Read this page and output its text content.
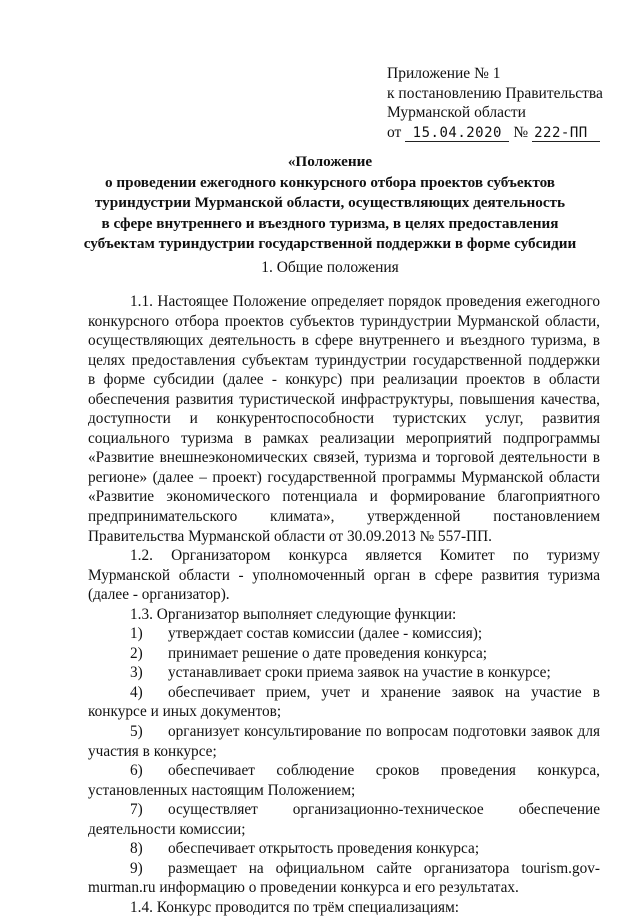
Приложение № 1
к постановлению Правительства
Мурманской области
от 15.04.2020 № 222-ПП
«Положение
о проведении ежегодного конкурсного отбора проектов субъектов
туриндустрии Мурманской области, осуществляющих деятельность
в сфере внутреннего и въездного туризма, в целях предоставления
субъектам туриндустрии государственной поддержки в форме субсидии
1. Общие положения
1.1. Настоящее Положение определяет порядок проведения ежегодного
конкурсного отбора проектов субъектов туриндустрии Мурманской области,
осуществляющих деятельность в сфере внутреннего и въездного туризма, в
целях предоставления субъектам туриндустрии государственной поддержки
в форме субсидии (далее - конкурс) при реализации проектов в области
обеспечения развития туристической инфраструктуры, повышения качества,
доступности и конкурентоспособности туристских услуг, развития
социального туризма в рамках реализации мероприятий подпрограммы
«Развитие внешнеэкономических связей, туризма и торговой деятельности в
регионе» (далее – проект) государственной программы Мурманской области
«Развитие экономического потенциала и формирование благоприятного
предпринимательского климата», утвержденной постановлением
Правительства Мурманской области от 30.09.2013 № 557-ПП.
1.2. Организатором конкурса является Комитет по туризму
Мурманской области - уполномоченный орган в сфере развития туризма
(далее - организатор).
1.3. Организатор выполняет следующие функции:
1)	утверждает состав комиссии (далее - комиссия);
2)	принимает решение о дате проведения конкурса;
3)	устанавливает сроки приема заявок на участие в конкурсе;
4)	обеспечивает прием, учет и хранение заявок на участие в
конкурсе и иных документов;
5)	организует консультирование по вопросам подготовки заявок для
участия в конкурсе;
6)	обеспечивает соблюдение сроков проведения конкурса,
установленных настоящим Положением;
7)	осуществляет организационно-техническое обеспечение
деятельности комиссии;
8)	обеспечивает открытость проведения конкурса;
9)	размещает на официальном сайте организатора tourism.gov-
murman.ru информацию о проведении конкурса и его результатах.
1.4. Конкурс проводится по трём специализациям:
